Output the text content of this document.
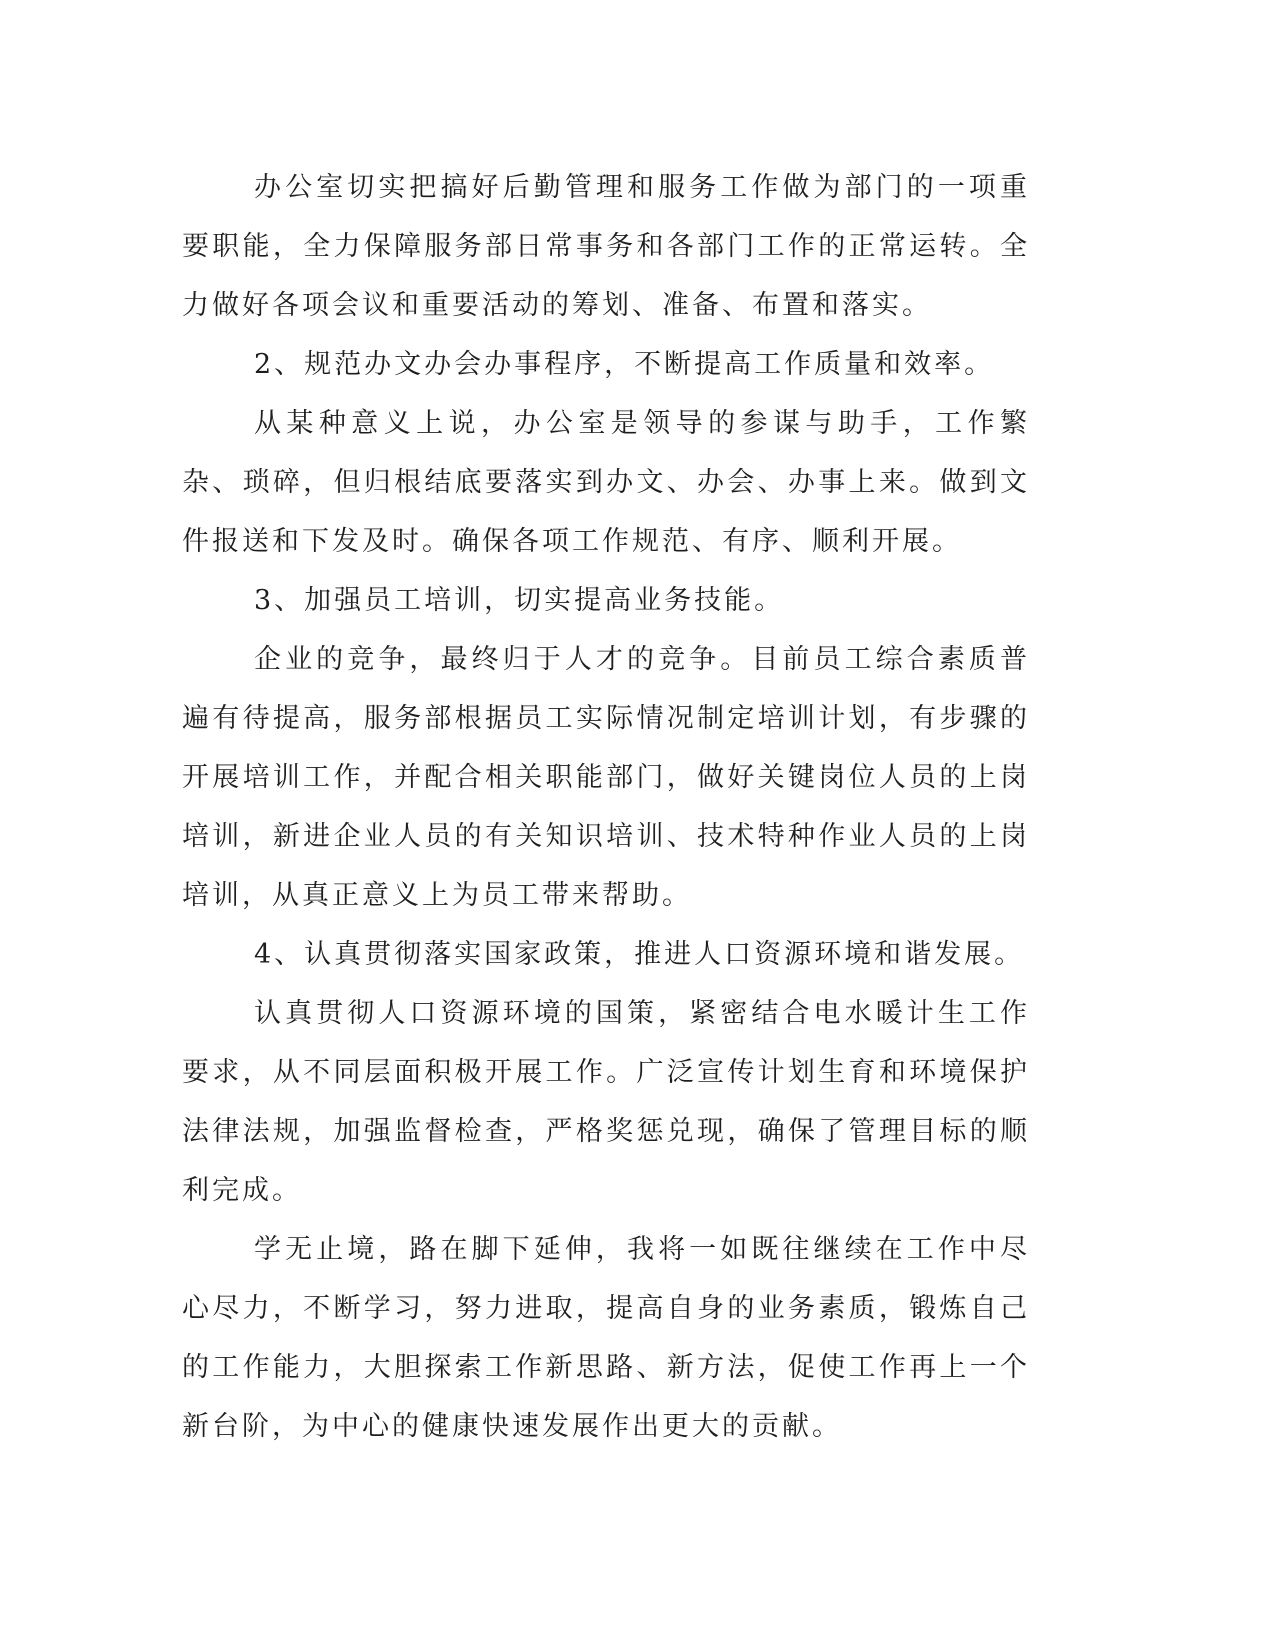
办公室切实把搞好后勤管理和服务工作做为部门的一项重要职能，全力保障服务部日常事务和各部门工作的正常运转。全力做好各项会议和重要活动的筹划、准备、布置和落实。

2、规范办文办会办事程序，不断提高工作质量和效率。

从某种意义上说，办公室是领导的参谋与助手，工作繁杂、琐碎，但归根结底要落实到办文、办会、办事上来。做到文件报送和下发及时。确保各项工作规范、有序、顺利开展。

3、加强员工培训，切实提高业务技能。

企业的竞争，最终归于人才的竞争。目前员工综合素质普遍有待提高，服务部根据员工实际情况制定培训计划，有步骤的开展培训工作，并配合相关职能部门，做好关键岗位人员的上岗培训，新进企业人员的有关知识培训、技术特种作业人员的上岗培训，从真正意义上为员工带来帮助。

4、认真贯彻落实国家政策，推进人口资源环境和谐发展。

认真贯彻人口资源环境的国策，紧密结合电水暖计生工作要求，从不同层面积极开展工作。广泛宣传计划生育和环境保护法律法规，加强监督检查，严格奖惩兑现，确保了管理目标的顺利完成。

学无止境，路在脚下延伸，我将一如既往继续在工作中尽心尽力，不断学习，努力进取，提高自身的业务素质，锻炼自己的工作能力，大胆探索工作新思路、新方法，促使工作再上一个新台阶，为中心的健康快速发展作出更大的贡献。
